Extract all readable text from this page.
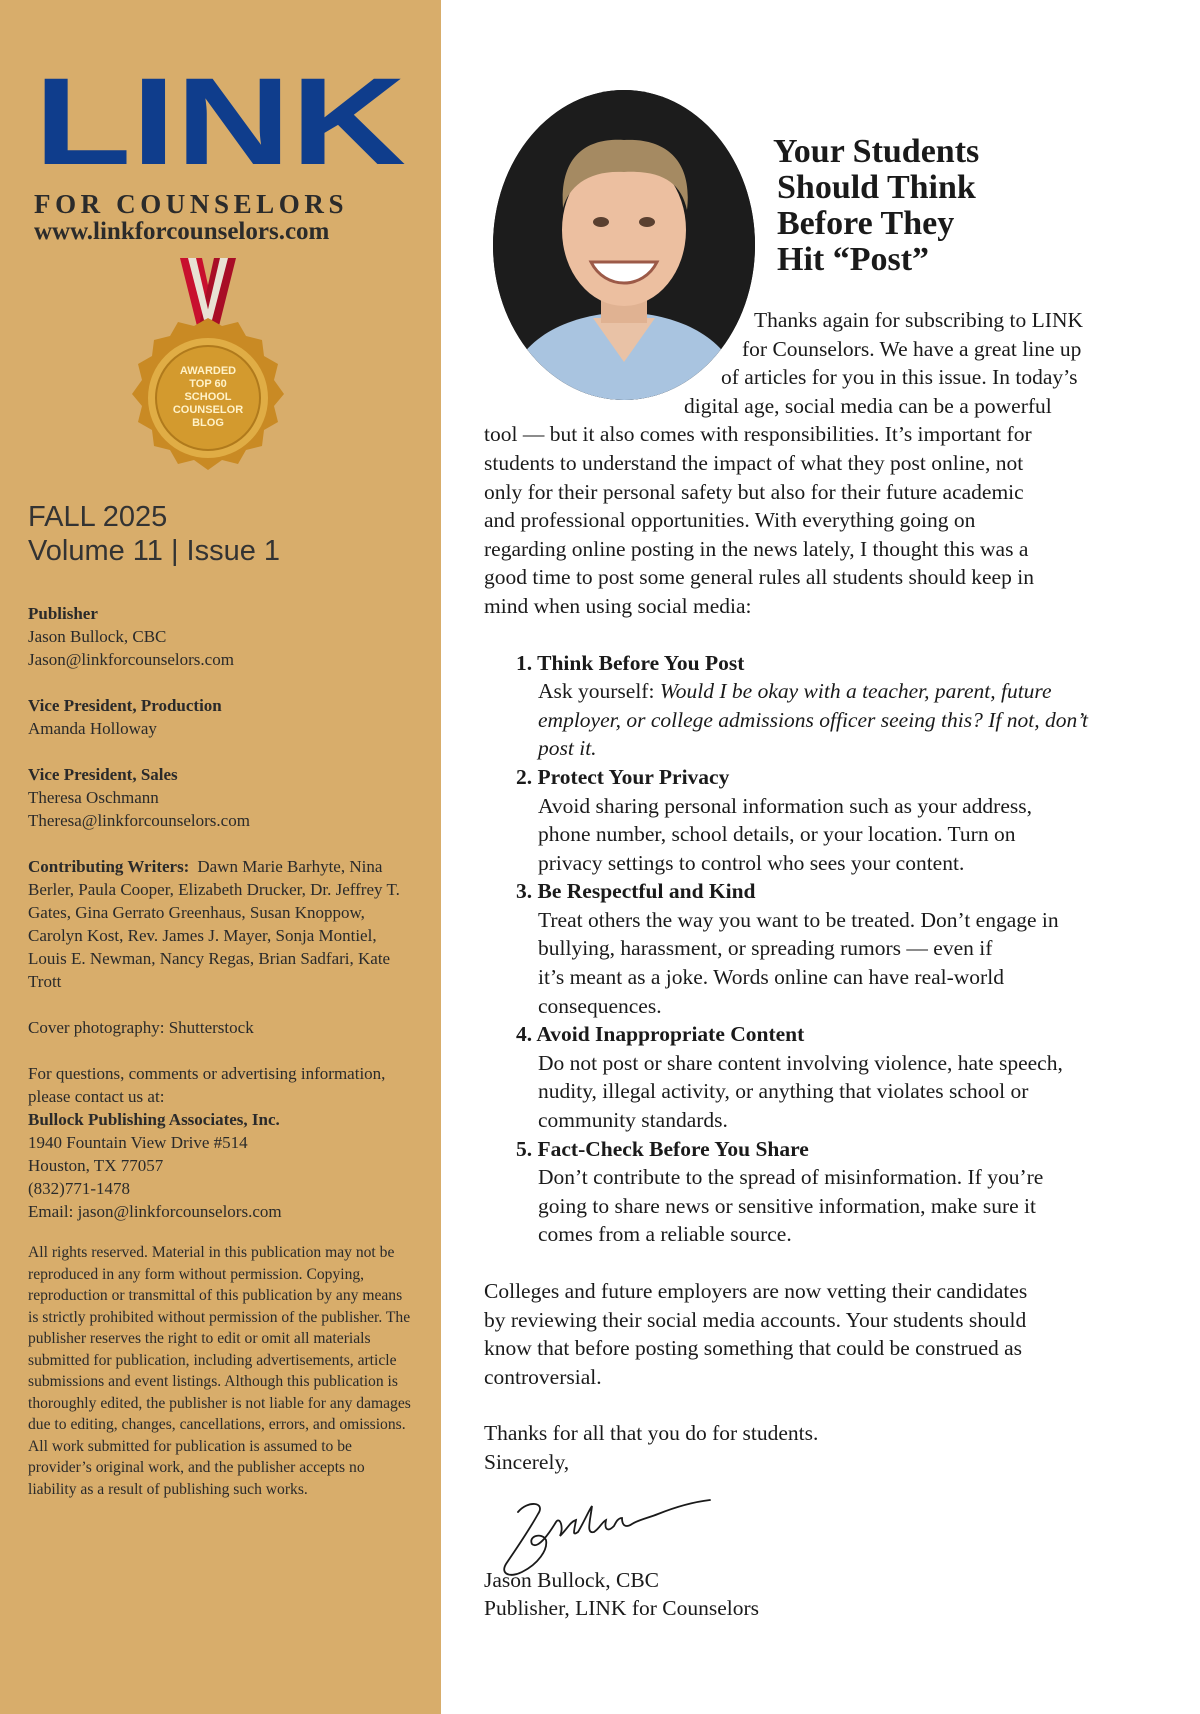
LINK
FOR COUNSELORS
www.linkforcounselors.com
AWARDED
TOP 60
SCHOOL
COUNSELOR
BLOG
FALL 2025
Volume 11 | Issue 1
Publisher
Jason Bullock, CBC
Jason@linkforcounselors.com
Vice President, Production
Amanda Holloway
Vice President, Sales
Theresa Oschmann
Theresa@linkforcounselors.com
Contributing Writers: Dawn Marie Barhyte, Nina Berler, Paula Cooper, Elizabeth Drucker, Dr. Jeffrey T. Gates, Gina Gerrato Greenhaus, Susan Knoppow, Carolyn Kost, Rev. James J. Mayer, Sonja Montiel, Louis E. Newman, Nancy Regas, Brian Sadfari, Kate Trott
Cover photography: Shutterstock
For questions, comments or advertising information, please contact us at:
Bullock Publishing Associates, Inc.
1940 Fountain View Drive #514
Houston, TX 77057
(832)771-1478
Email: jason@linkforcounselors.com
All rights reserved. Material in this publication may not be reproduced in any form without permission. Copying, reproduction or transmittal of this publication by any means is strictly prohibited without permission of the publisher. The publisher reserves the right to edit or omit all materials submitted for publication, including advertisements, article submissions and event listings. Although this publication is thoroughly edited, the publisher is not liable for any damages due to editing, changes, cancellations, errors, and omissions. All work submitted for publication is assumed to be provider’s original work, and the publisher accepts no liability as a result of publishing such works.
Your Students
Should Think
Before They
Hit “Post”
Thanks again for subscribing to LINK
for Counselors. We have a great line up
of articles for you in this issue. In today’s
digital age, social media can be a powerful
tool — but it also comes with responsibilities. It’s important for
students to understand the impact of what they post online, not
only for their personal safety but also for their future academic
and professional opportunities. With everything going on
regarding online posting in the news lately, I thought this was a
good time to post some general rules all students should keep in
mind when using social media:
1. Think Before You Post
Ask yourself: Would I be okay with a teacher, parent, future
employer, or college admissions officer seeing this? If not, don’t
post it.
2. Protect Your Privacy
Avoid sharing personal information such as your address,
phone number, school details, or your location. Turn on
privacy settings to control who sees your content.
3. Be Respectful and Kind
Treat others the way you want to be treated. Don’t engage in
bullying, harassment, or spreading rumors — even if
it’s meant as a joke. Words online can have real-world
consequences.
4. Avoid Inappropriate Content
Do not post or share content involving violence, hate speech,
nudity, illegal activity, or anything that violates school or
community standards.
5. Fact-Check Before You Share
Don’t contribute to the spread of misinformation. If you’re
going to share news or sensitive information, make sure it
comes from a reliable source.
Colleges and future employers are now vetting their candidates
by reviewing their social media accounts. Your students should
know that before posting something that could be construed as
controversial.
Thanks for all that you do for students.
Sincerely,
Jason Bullock, CBC
Publisher, LINK for Counselors
